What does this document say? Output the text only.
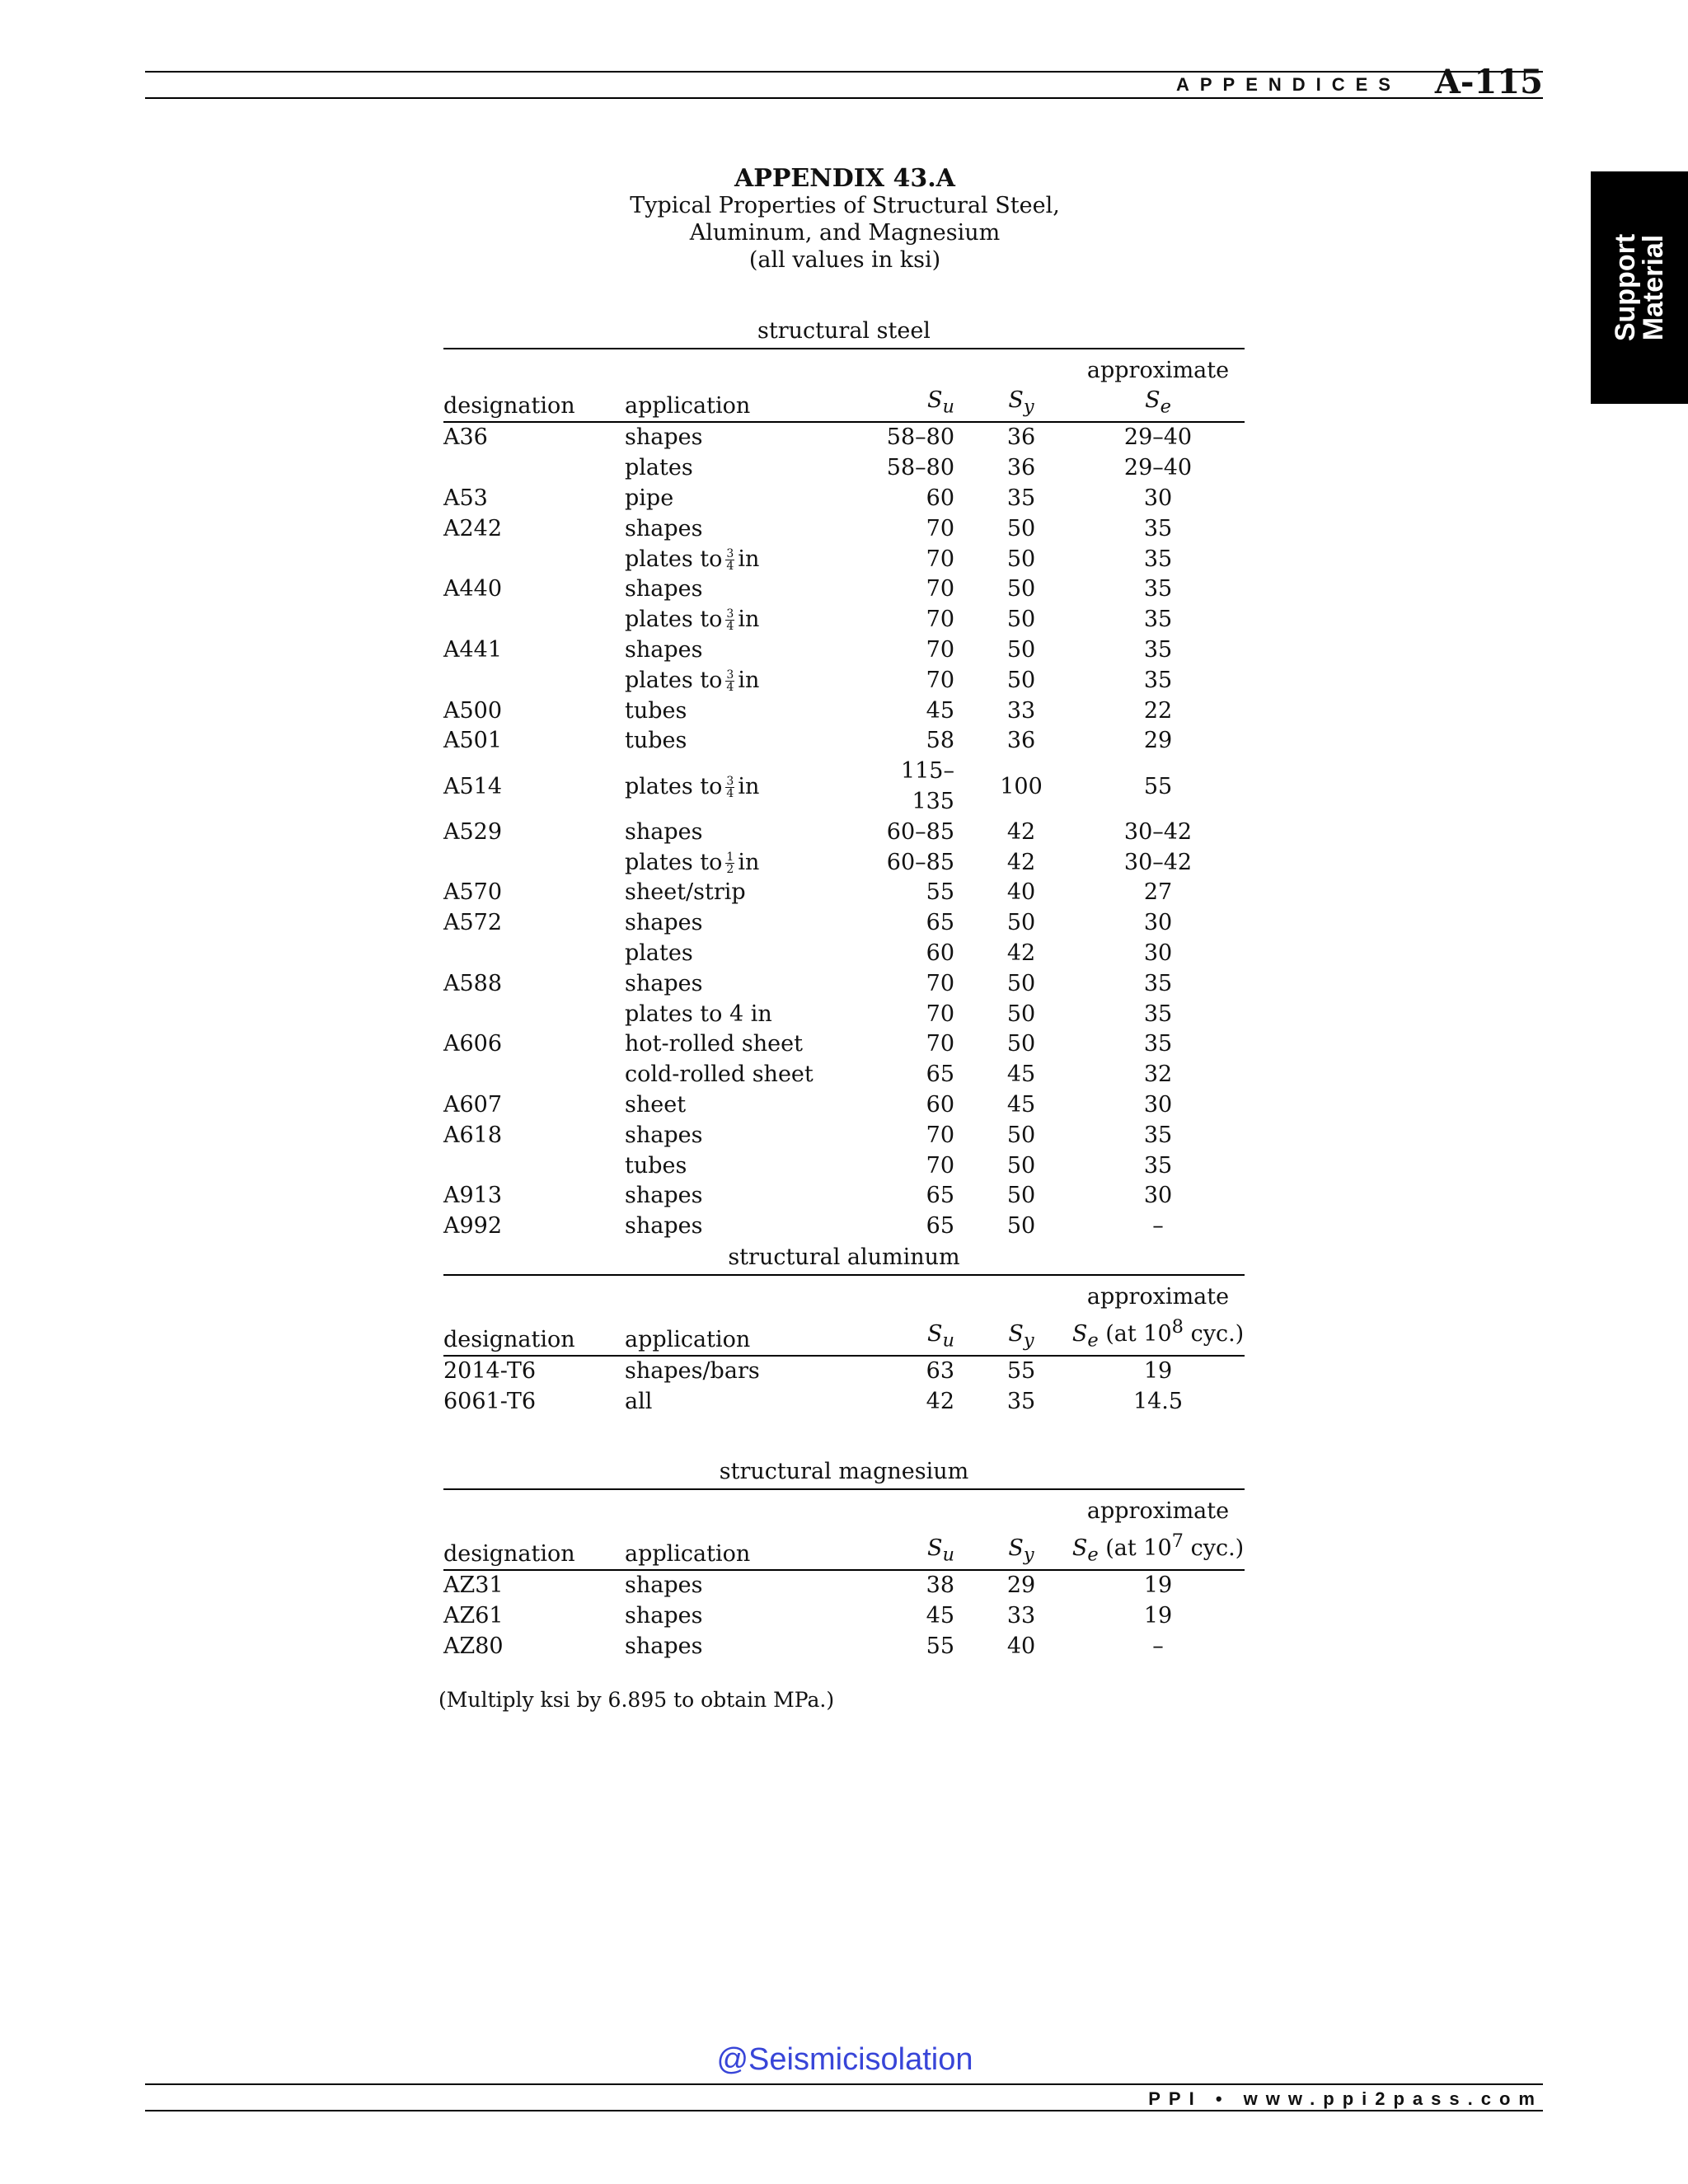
APPENDICES	A-115
Support
Material
APPENDIX 43.A
Typical Properties of Structural Steel,
Aluminum, and Magnesium
(all values in ksi)
structural steel
designation	application	$S_u$	$S_y$	approximate
$S_e$

A36	shapes	58–80	36	29–40
	plates	58–80	36	29–40
A53	pipe	60	35	30
A242	shapes	70	50	35
	plates to $\frac{3}{4}$ in	70	50	35
A440	shapes	70	50	35
	plates to $\frac{3}{4}$ in	70	50	35
A441	shapes	70	50	35
	plates to $\frac{3}{4}$ in	70	50	35
A500	tubes	45	33	22
A501	tubes	58	36	29
A514	plates to $\frac{3}{4}$ in	115–135	100	55
A529	shapes	60–85	42	30–42
	plates to $\frac{1}{2}$ in	60–85	42	30–42
A570	sheet/strip	55	40	27
A572	shapes	65	50	30
	plates	60	42	30
A588	shapes	70	50	35
	plates to 4 in	70	50	35
A606	hot-rolled sheet	70	50	35
	cold-rolled sheet	65	45	32
A607	sheet	60	45	30
A618	shapes	70	50	35
	tubes	70	50	35
A913	shapes	65	50	30
A992	shapes	65	50	–
structural aluminum
designation	application	$S_u$	$S_y$	approximate
$S_e$ (at $10^8$ cyc.)

2014-T6	shapes/bars	63	55	19
6061-T6	all	42	35	14.5
structural magnesium
designation	application	$S_u$	$S_y$	approximate
$S_e$ (at $10^7$ cyc.)

AZ31	shapes	38	29	19
AZ61	shapes	45	33	19
AZ80	shapes	55	40	–
(Multiply ksi by 6.895 to obtain MPa.)
@Seismicisolation
PPI • www.ppi2pass.com
